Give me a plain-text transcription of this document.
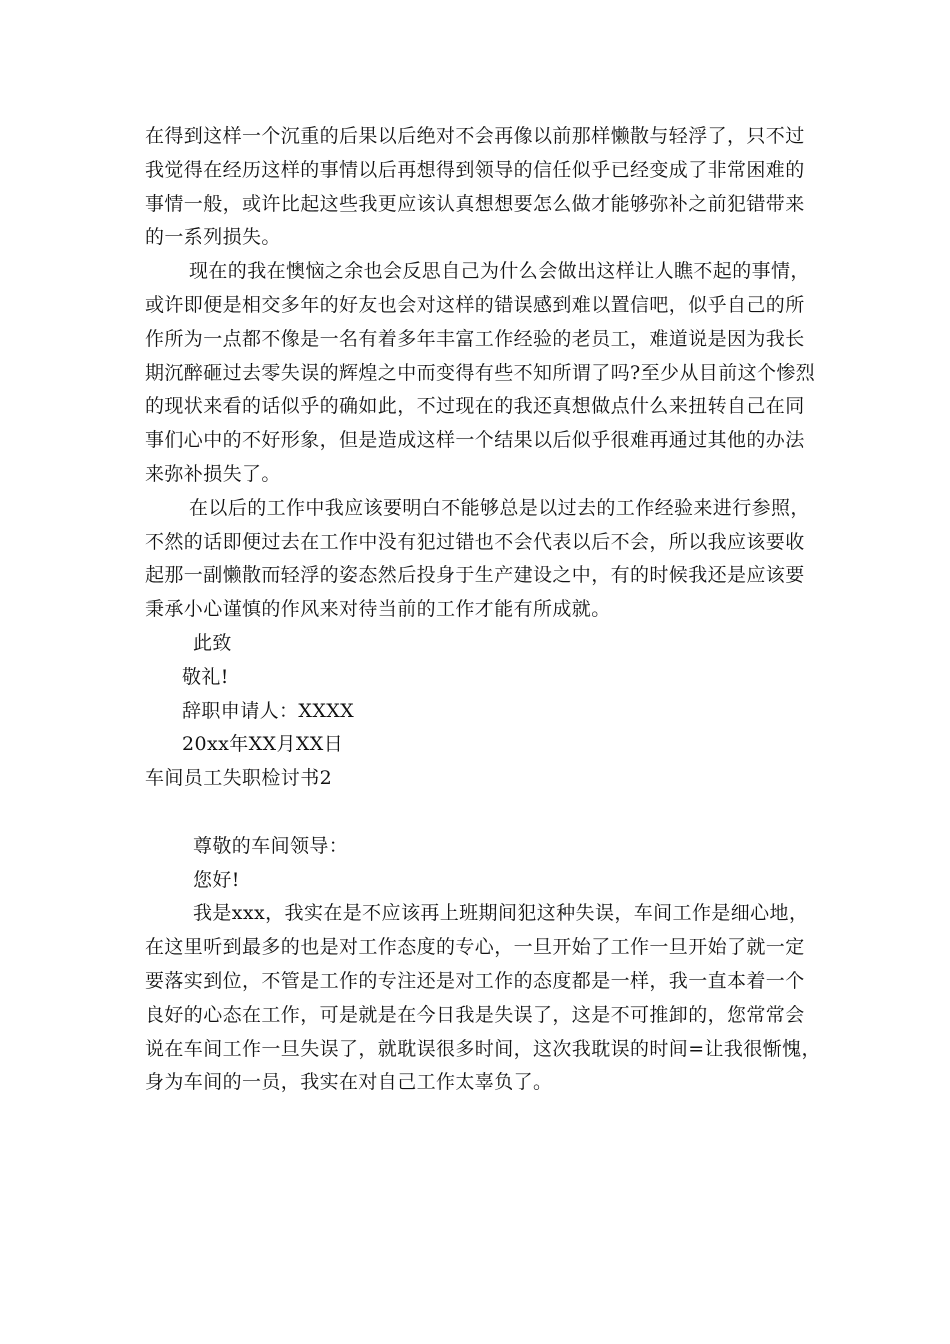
在得到这样一个沉重的后果以后绝对不会再像以前那样懒散与轻浮了，只不过
我觉得在经历这样的事情以后再想得到领导的信任似乎已经变成了非常困难的
事情一般，或许比起这些我更应该认真想想要怎么做才能够弥补之前犯错带来
的一系列损失。
现在的我在懊恼之余也会反思自己为什么会做出这样让人瞧不起的事情，
或许即便是相交多年的好友也会对这样的错误感到难以置信吧，似乎自己的所
作所为一点都不像是一名有着多年丰富工作经验的老员工，难道说是因为我长
期沉醉砸过去零失误的辉煌之中而变得有些不知所谓了吗?至少从目前这个惨烈
的现状来看的话似乎的确如此，不过现在的我还真想做点什么来扭转自己在同
事们心中的不好形象，但是造成这样一个结果以后似乎很难再通过其他的办法
来弥补损失了。
在以后的工作中我应该要明白不能够总是以过去的工作经验来进行参照，
不然的话即便过去在工作中没有犯过错也不会代表以后不会，所以我应该要收
起那一副懒散而轻浮的姿态然后投身于生产建设之中，有的时候我还是应该要
秉承小心谨慎的作风来对待当前的工作才能有所成就。
此致
敬礼!
辞职申请人：XXXX
20xx年XX月XX日
车间员工失职检讨书2
尊敬的车间领导：
您好!
我是xxx，我实在是不应该再上班期间犯这种失误，车间工作是细心地，
在这里听到最多的也是对工作态度的专心，一旦开始了工作一旦开始了就一定
要落实到位，不管是工作的专注还是对工作的态度都是一样，我一直本着一个
良好的心态在工作，可是就是在今日我是失误了，这是不可推卸的，您常常会
说在车间工作一旦失误了，就耽误很多时间，这次我耽误的时间=让我很惭愧，
身为车间的一员，我实在对自己工作太辜负了。
